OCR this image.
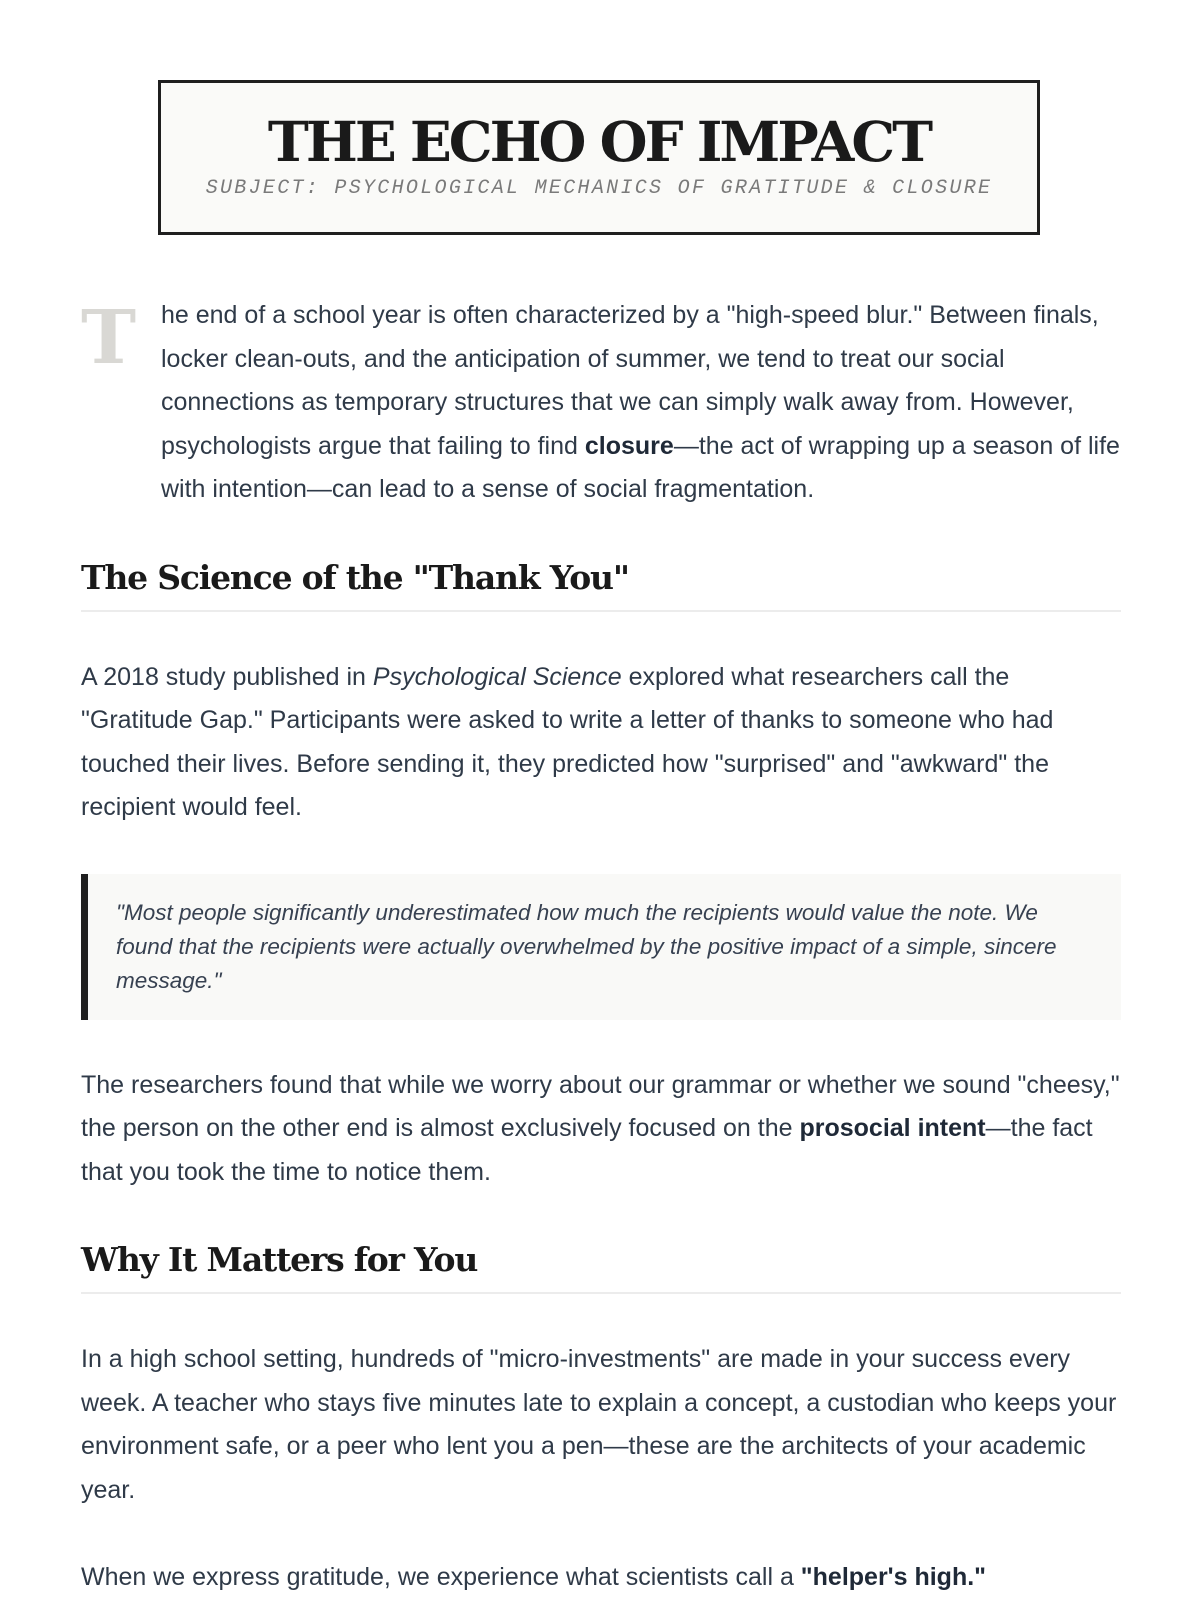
THE ECHO OF IMPACT
SUBJECT: PSYCHOLOGICAL MECHANICS OF GRATITUDE & CLOSURE
T he end of a school year is often characterized by a "high-speed blur." Between finals, locker clean-outs, and the anticipation of summer, we tend to treat our social connections as temporary structures that we can simply walk away from. However, psychologists argue that failing to find closure—the act of wrapping up a season of life with intention—can lead to a sense of social fragmentation.

The Science of the "Thank You"

A 2018 study published in Psychological Science explored what researchers call the "Gratitude Gap." Participants were asked to write a letter of thanks to someone who had touched their lives. Before sending it, they predicted how "surprised" and "awkward" the recipient would feel.

"Most people significantly underestimated how much the recipients would value the note. We found that the recipients were actually overwhelmed by the positive impact of a simple, sincere message."

The researchers found that while we worry about our grammar or whether we sound "cheesy," the person on the other end is almost exclusively focused on the prosocial intent—the fact that you took the time to notice them.

Why It Matters for You

In a high school setting, hundreds of "micro-investments" are made in your success every week. A teacher who stays five minutes late to explain a concept, a custodian who keeps your environment safe, or a peer who lent you a pen—these are the architects of your academic year.

When we express gratitude, we experience what scientists call a "helper's high."
